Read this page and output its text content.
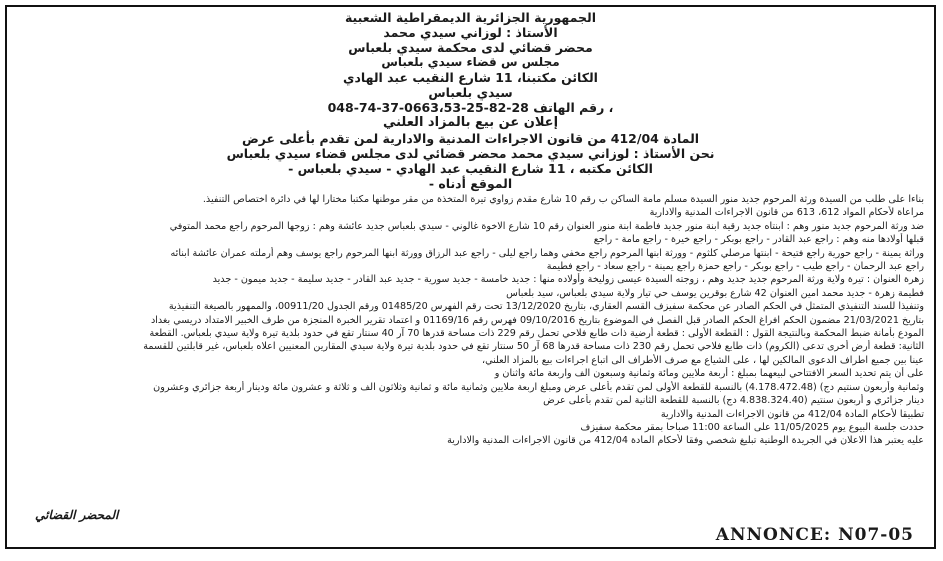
الجمهورية الجزائرية الديمقراطية الشعبية
الأستاذ : لوزاني سيدي محمد
محضر قضائي لدى محكمة سيدي بلعباس
مجلس س قضاء سيدي بلعباس
الكائن مكتبنا، 11 شارع النقيب عبد الهادي
سيدي بلعباس
رقم الهاتف 28-82-25-0663،53-37-74-048 ،
إعلان عن بيع بالمزاد العلني
المادة 412/04 من قانون الاجراءات المدنية والادارية لمن تقدم بأعلى عرض
نحن الأستاذ : لوزاني سيدي محمد محضر قضائي لدى مجلس قضاء سيدي بلعباس
الكائن مكتبه ، 11 شارع النقيب عبد الهادي - سيدي بلعباس -
الموقع أدناه -
بناءا على طلب من السيدة ورثة المرحوم جديد منور السيدة مسلم مامة الساكن ب رقم 10 شارع مقدم زواوي تيرة المتخذة من مقر موطنها مكتبا مختارا لها في دائرة اختصاص التنفيذ.
مراعاة لأحكام المواد 612، 613 من قانون الاجراءات المدنية والادارية
ضد ورثة المرحوم جديد منور وهم : ابنتاه جديد رقية ابنة منور جديد فاطمة ابنة منور العنوان رقم 10 شارع الاخوة غالوني - سيدي بلعباس جديد عائشة وهم : زوجها المرحوم راجع محمد المتوفي
قبلها أولادها منه وهم : راجع عبد القادر - راجع بوبكر - راجع خيرة - راجع مامة - راجع
وراثة يمينة - راجع حورية راجع فتيحة - ابنتها مرصلي كلثوم - وورثة ابنها المرحوم راجع مخفي وهما راجع ليلى - راجع عبد الرزاق وورثة ابنها المرحوم راجع يوسف وهم أرملته عمران عائشة ابنائه
راجع عبد الرحمان - راجع طيب - راجع بوبكر - راجع حمزة راجع يمينة - راجع سعاد - راجع فطيمة
زهرة العنوان : تيرة ولاية ورثة المرحوم جديد جديد وهم ، زوجته السيدة عيسى زوليخة وأولاده منها : جديد خامسة - جديد سورية - جديد عبد القادر - جديد سليمة - جديد ميمون - جديد
فطيمة زهرة - جديد محمد امين العنوان 42 شارع بوقرين يوسف حي تيار ولاية سيدي بلعباس، سيد بلعباس
وتنفيذا للسند التنفيذي المتمثل في الحكم الصادر عن محكمة سفيزف القسم العقاري، بتاريخ 13/12/2020 تحت رقم الفهرس 01485/20 ورقم الجدول 00911/20، والممهور بالصيغة التنفيذية
بتاريخ 21/03/2021 مضمون الحكم افراغ الحكم الصادر قبل الفصل في الموضوع بتاريخ 09/10/2016 فهرس رقم 01169/16 و اعتماد تقرير الخبرة المنجزة من طرف الخبير الامتداد دريسي بغداد
المودع بأمانة ضبط المحكمة وبالنتيجة القول : القطعة الأولى : قطعة أرضية ذات طابع فلاحي تحمل رقم 229 ذات مساحة قدرها 70 آر 40 سنتار تقع في حدود بلدية تيرة ولاية سيدي بلعباس. القطعة
الثانية: قطعة أرض أخرى تدعى (الكروم) ذات طابع فلاحي تحمل رقم 230 ذات مساحة قدرها 68 آر 50 سنتار تقع في حدود بلدية تيرة ولاية سيدي المقارين المعنيين اعلاه بلعباس، غير قابلتين للقسمة
عينا بين جميع اطراف الدعوى المالكين لها ، على الشياع مع صرف الأطراف الى اتباع اجراءات بيع بالمزاد العلني،
على أن يتم تحديد السعر الافتتاحي لبيعهما بمبلغ : أربعة ملايين ومائة وثمانية وسبعون الف واربعة مائة واثنان و
وثمانية وأربعون سنتيم دج) (4.178.472.48) بالنسبة للقطعة الأولى لمن تقدم بأعلى عرض ومبلغ اربعة ملايين وثمانية مائة و ثمانية وثلاثون الف و ثلاثة و عشرون مائة ودينار أربعة جزائري وعشرون
دينار جزائري و أربعون سنتيم (4.838.324.40 دج) بالنسبة للقطعة الثانية لمن تقدم بأعلى عرض
تطبيقا لأحكام المادة 412/04 من قانون الاجراءات المدنية والادارية
حددت جلسة البيوع يوم 11/05/2025 على الساعة 11:00 صباحا بمقر محكمة سفيزف
عليه يعتبر هذا الاعلان في الجريدة الوطنية تبليغ شخصي وفقا لأحكام المادة 412/04 من قانون الاجراءات المدنية والادارية
المحضر القضائي
ANNONCE: N07-05
